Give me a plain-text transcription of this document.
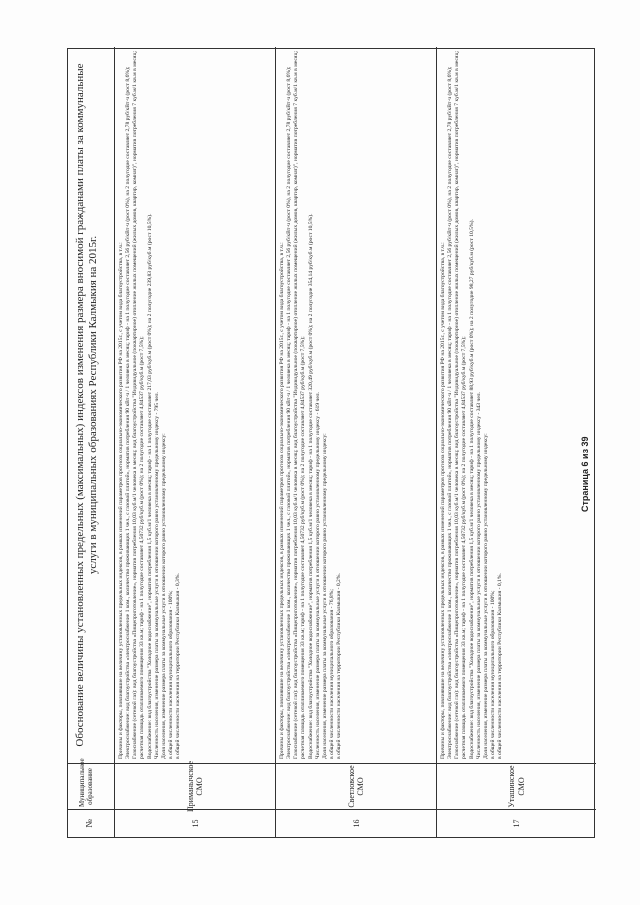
№
Муниципальное образование
Обоснование величины установленных предельных (максимальных) индексов изменения размера вносимой гражданами платы за коммунальные услуги в муниципальных образованиях Республики Калмыкия на 2015г.
15
Приманычское СМО

Причины и факторы, повлиявшие на величину установленных предельных индексов, в рамках изменений параметров прогноза социально-экономического развития РФ на 2015г., с учетом вида благоустройства, в т.ч.: Электроснабжение: вид благоустройства «электроснабжение 1 ком., количество проживающих 1 чел., с газовой плитой», норматив потребления 90 кВт·ч / 1 человека в месяц; тариф - на 1 полугодие составляет 2,56 руб/кВт·ч (рост 0%), на 2 полугодие составляет 2,78 руб/кВт·ч (рост 8,6%); Газоснабжение (сетевой газ): вид благоустройства «Пищеприготовление», норматив потребления 10,03 куб.м/1 человека в месяц; вид благоустройства "Индивидуальное (поквартирное) отопление жилых помещений (жилых домов, квартир, комнат)", норматив потребления 7 куб.м/1 кв.м в месяц; расчетная площадь отапливаемого помещения 33 кв.м; тариф - на 1 полугодие составляет 4,50732 руб/куб.м (рост 0%); на 2 полугодие составляет 4,84537 руб/куб.м (рост 7,5%); Водоснабжение: вид благоустройства "Холодное водоснабжение", норматив потребления 1,5 куб.м/1 человека в месяц; тариф - на 1 полугодие составляет 217,03 руб/куб.м (рост 0%); на 2 полугодие 239,83 руб/куб.м (рост 10,5%). Численность населения, изменение размера платы за коммунальные услуги в отношении которого равно установленному предельному индексу - 795 чел. Доля населения, изменение размера платы за коммунальные услуги в отношении которого равно установленному предельному индексу: в общей численности населения муниципального образования - 100%; в общей численности населения на территории Республики Калмыкия - 0,3%.

16
Светловское СМО

Причины и факторы, повлиявшие на величину установленных предельных индексов, в рамках изменений параметров прогноза социально-экономического развития РФ на 2015г., с учетом вида благоустройства, в т.ч.: Электроснабжение: вид благоустройства «электроснабжение 1 ком., количество проживающих 1 чел., с газовой плитой», норматив потребления 90 кВт·ч / 1 человека в месяц; тариф - на 1 полугодие составляет 2,56 руб/кВт·ч (рост 0%), на 2 полугодие составляет 2,78 руб/кВт·ч (рост 8,6%); Газоснабжение (сетевой газ): вид благоустройства «Пищеприготовление», норматив потребления 10,03 куб.м/1 человека в месяц; вид благоустройства "Индивидуальное (поквартирное) отопление жилых помещений (жилых домов, квартир, комнат)", норматив потребления 7 куб.м/1 кв.м в месяц; расчетная площадь отапливаемого помещения 33 кв.м; тариф - на 1 полугодие составляет 4,50732 руб/куб.м (рост 0%); на 2 полугодие составляет 4,84537 руб/куб.м (рост 7,5%); Водоснабжение: вид благоустройства "Холодное водоснабжение", норматив потребления 1,5 куб.м/1 человека в месяц; тариф - на 1 полугодие составляет 320,49 руб/куб.м (рост 0%); на 2 полугодие 354,14 руб/куб.м (рост 10,5%). Численность населения, изменение размера платы за коммунальные услуги в отношении которого равно установленному предельному индексу - 619 чел. Доля населения, изменение размера платы за коммунальные услуги в отношении которого равно установленному предельному индексу: в общей численности населения муниципального образования - 76,8%; в общей численности населения на территории Республики Калмыкия - 0,2%.

17
Уташинское СМО

Причины и факторы, повлиявшие на величину установленных предельных индексов, в рамках изменений параметров прогноза социально-экономического развития РФ на 2015г., с учетом вида благоустройства, в т.ч.: Электроснабжение: вид благоустройства «электроснабжение 1 ком., количество проживающих 1 чел., с газовой плитой», норматив потребления 90 кВт·ч / 1 человека в месяц; тариф - на 1 полугодие составляет 2,56 руб/кВт·ч (рост 0%), на 2 полугодие составляет 2,78 руб/кВт·ч (рост 8,6%); Газоснабжение (сетевой газ): вид благоустройства «Пищеприготовление», норматив потребления 10,03 куб.м/1 человека в месяц; вид благоустройства "Индивидуальное (поквартирное) отопление жилых помещений (жилых домов, квартир, комнат)", норматив потребления 7 куб.м/1 кв.м в месяц; расчетная площадь отапливаемого помещения 33 кв.м; тариф - на 1 полугодие составляет 4,50732 руб/куб.м (рост 0%); на 2 полугодие составляет 4,84537 руб/куб.м (рост 7,5%); Водоснабжение: вид благоустройства "Холодное водоснабжение", норматив потребления 1,5 куб.м/1 человека в месяц; тариф - на 1 полугодие составляет 88,93 руб/куб.м (рост 0%); на 2 полугодие 98,27 руб/куб.м (рост 10,5%). Численность населения, изменение размера платы за коммунальные услуги в отношении которого равно установленному предельному индексу - 343 чел. Доля населения, изменение размера платы за коммунальные услуги в отношении которого равно установленному предельному индексу: в общей численности населения муниципального образования - 100%; в общей численности населения на территории Республики Калмыкия - 0,1%.

Страница 6 из 39
